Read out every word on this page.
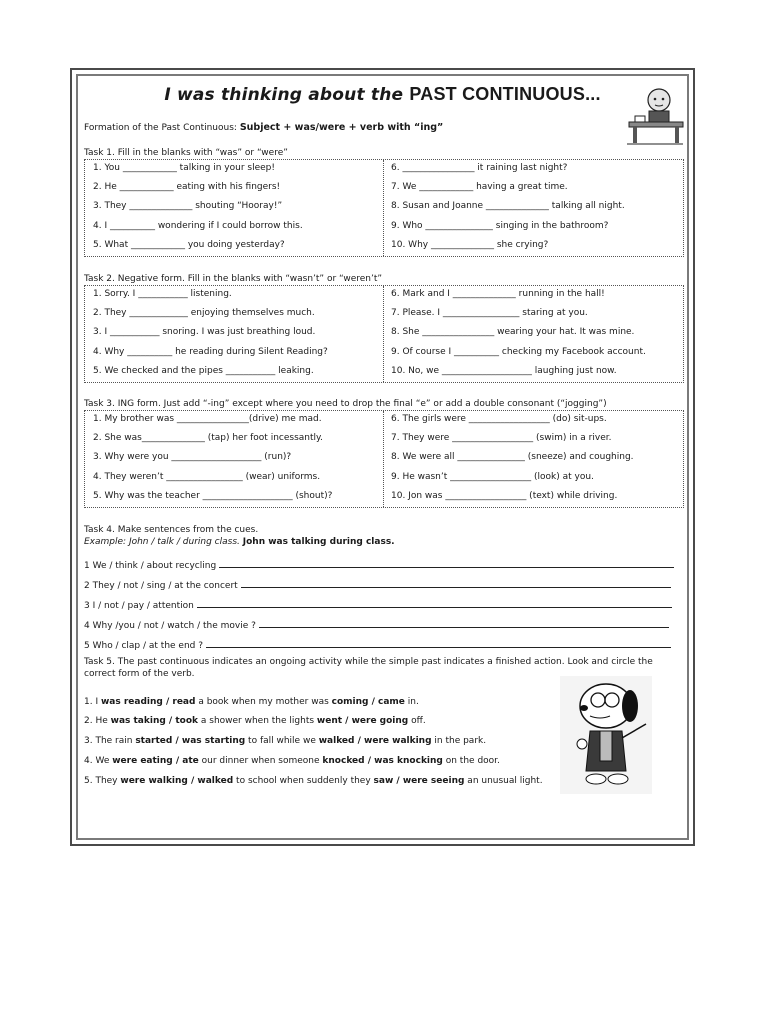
I was thinking about the PAST CONTINUOUS...
Formation of the Past Continuous: Subject + was/were + verb with “ing”
Task 1. Fill in the blanks with “was” or “were”
1. You ____________ talking in your sleep!
2. He ____________ eating with his fingers!
3. They ______________ shouting “Hooray!”
4. I __________ wondering if I could borrow this.
5. What ____________ you doing yesterday?
6. ________________ it raining last night?
7. We ____________ having a great time.
8. Susan and Joanne ______________ talking all night.
9. Who _______________ singing in the bathroom?
10. Why ______________ she crying?
Task 2. Negative form. Fill in the blanks with “wasn’t” or “weren’t”
1. Sorry. I ___________ listening.
2. They _____________ enjoying themselves much.
3. I ___________ snoring. I was just breathing loud.
4. Why __________ he reading during Silent Reading?
5. We checked and the pipes ___________ leaking.
6. Mark and I ______________ running in the hall!
7. Please. I _________________ staring at you.
8. She ________________ wearing your hat. It was mine.
9. Of course I __________ checking my Facebook account.
10. No, we ____________________ laughing just now.
Task 3. ING form. Just add “-ing” except where you need to drop the final “e” or add a double consonant (“jogging”)
1. My brother was ________________(drive) me mad.
2. She was______________ (tap) her foot incessantly.
3. Why were you ____________________ (run)?
4. They weren’t _________________ (wear) uniforms.
5. Why was the teacher ____________________ (shout)?
6. The girls were __________________ (do) sit-ups.
7. They were __________________ (swim) in a river.
8. We were all _______________ (sneeze) and coughing.
9. He wasn’t __________________ (look) at you.
10. Jon was __________________ (text) while driving.
Task 4. Make sentences from the cues.
Example: John / talk / during class. John was talking during class.
1 We / think / about recycling
2 They / not / sing / at the concert
3 I / not / pay / attention
4 Why /you / not / watch / the movie ?
5 Who / clap / at the end ?
Task 5. The past continuous indicates an ongoing activity while the simple past indicates a finished action. Look and circle the
correct form of the verb.
1. I was reading / read a book when my mother was coming / came in.
2. He was taking / took a shower when the lights went / were going off.
3. The rain started / was starting to fall while we walked / were walking in the park.
4. We were eating / ate our dinner when someone knocked / was knocking on the door.
5. They were walking / walked to school when suddenly they saw / were seeing an unusual light.
